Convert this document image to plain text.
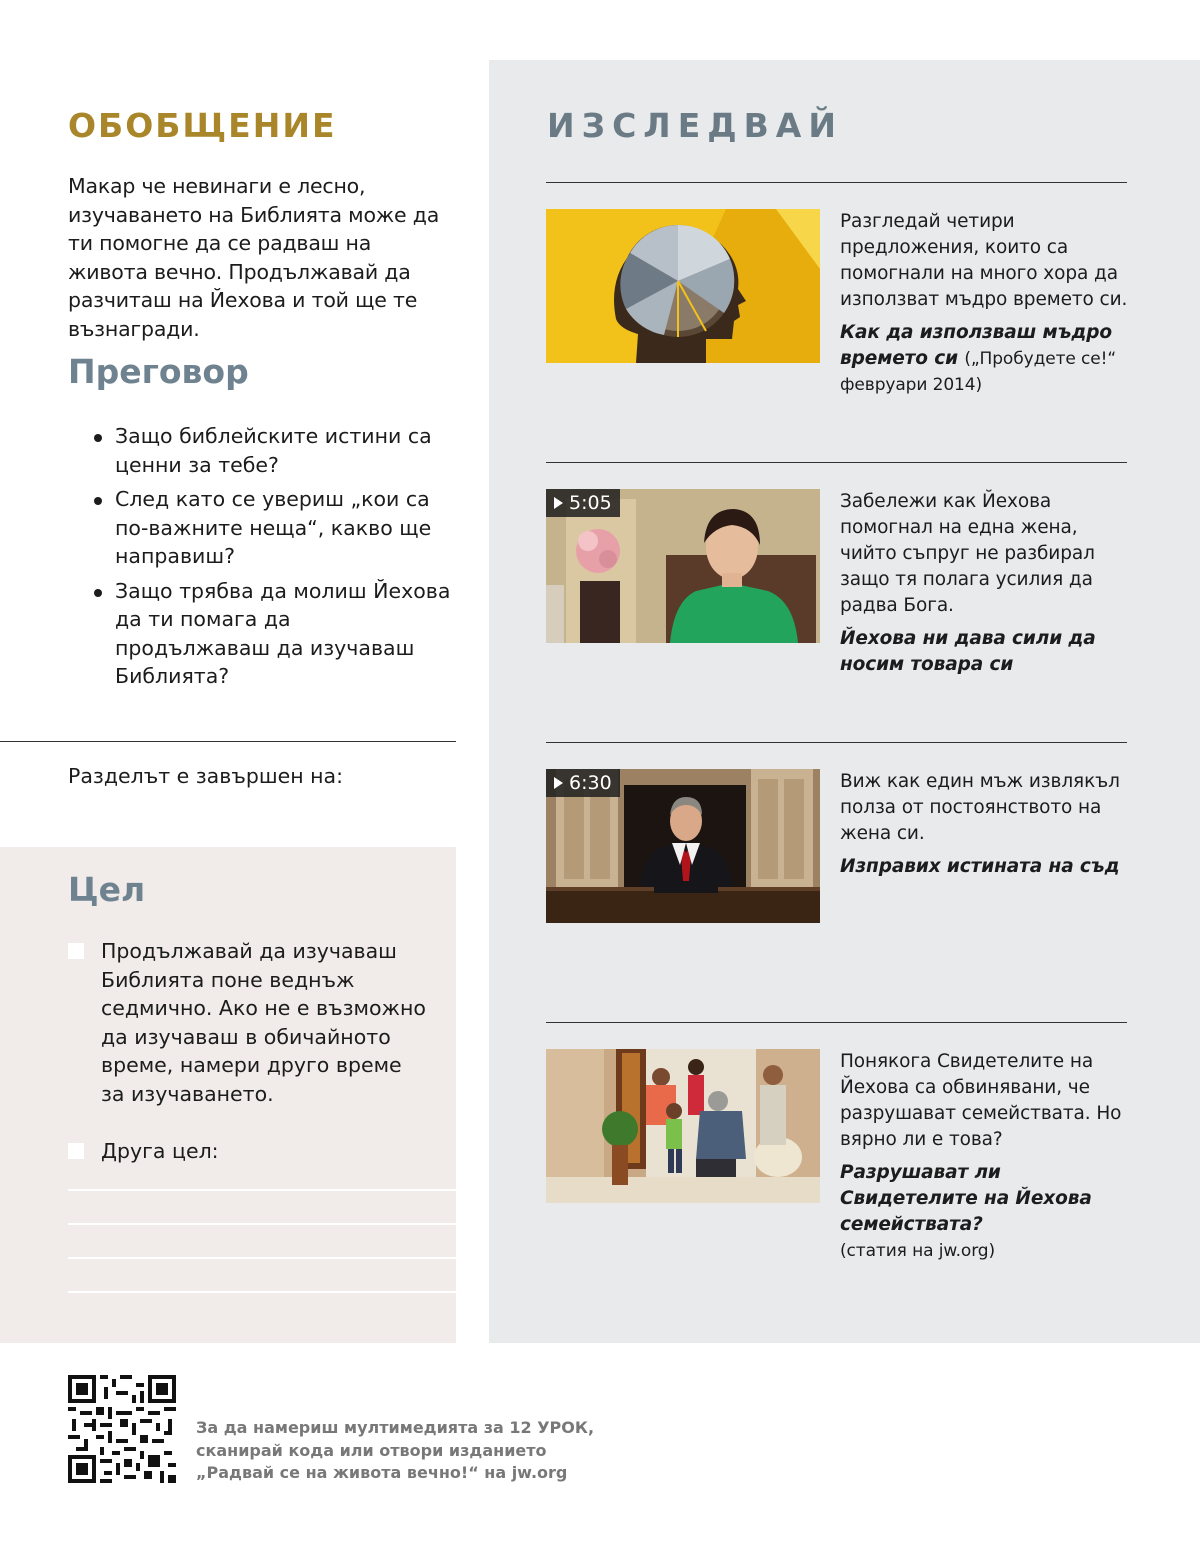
ОБОБЩЕНИЕ

Макар че невинаги е лесно, изучаването на Библията може да ти помогне да се радваш на живота вечно. Продължавай да разчиташ на Йехова и той ще те възнагради.

Преговор
Защо библейските истини са ценни за тебе?
След като се увериш „кои са по-важните неща“, какво ще направиш?
Защо трябва да молиш Йехова да ти помага да продължаваш да изучаваш Библията?
Разделът е завършен на:
Цел

Продължавай да изучаваш Библията поне веднъж седмично. Ако не е възможно да изучаваш в обичайното време, намери друго време за изучаването.

Друга цел:

ИЗСЛЕДВАЙ
Разгледай четири предложения, които са помогнали на много хора да използват мъдро времето си.
Как да използваш мъдро времето си („Пробудете се!“ февруари 2014)
5:05	Забележи как Йехова помогнал на една жена, чийто съпруг не разбирал защо тя полага усилия да радва Бога.
Йехова ни дава сили да носим товара си
6:30	Виж как един мъж извлякъл полза от постоянството на жена си.
Изправих истината на съд
Понякога Свидетелите на Йехова са обвинявани, че разрушават семействата. Но вярно ли е това?
Разрушават ли Свидетелите на Йехова семействата?
(статия на jw.org)
За да намериш мултимедията за 12 УРОК,
сканирай кода или отвори изданието
„Радвай се на живота вечно!“ на jw.org
